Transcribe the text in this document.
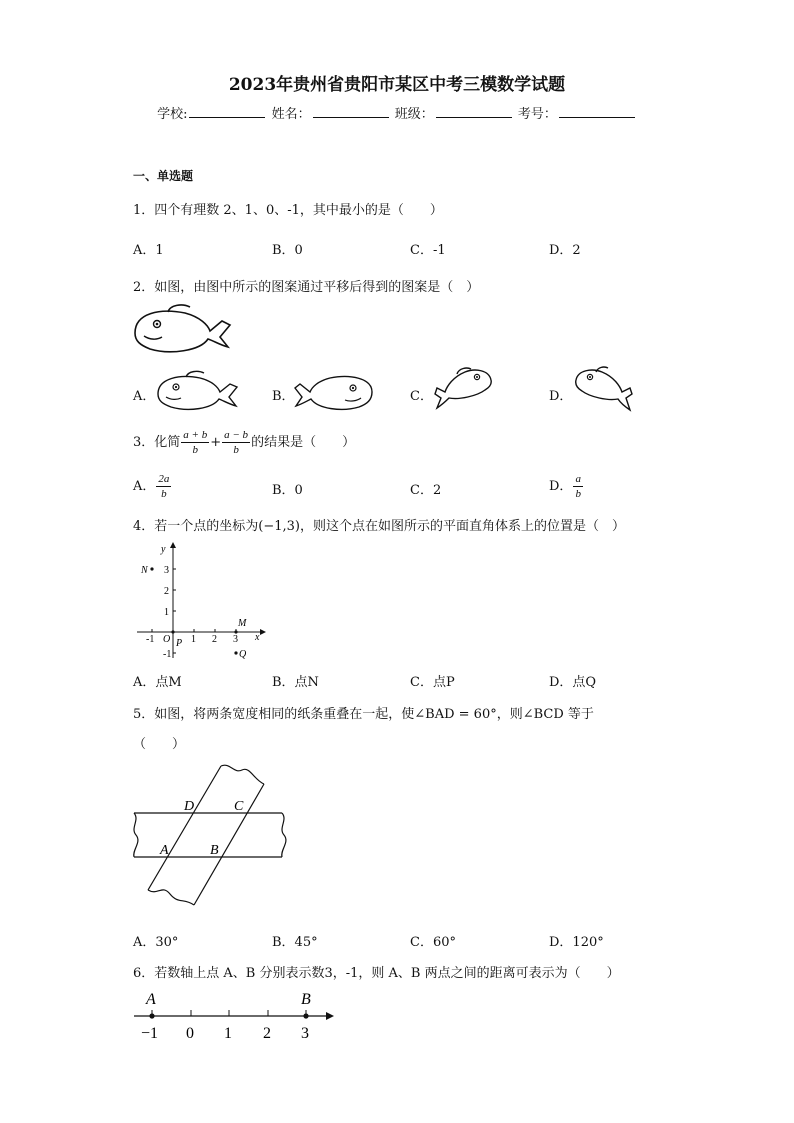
2023年贵州省贵阳市某区中考三模数学试题
学校:	姓名：	班级：	考号：
一、单选题
1．四个有理数 2、1、0、-1，其中最小的是（　　）
A．1	B．0	C．-1	D．2
2．如图，由图中所示的图案通过平移后得到的图案是（　）
A．	B．	C．	D．
3．化简 $\frac{a + b}{b} + \frac{a - b}{b}$ 的结果是（　　）
A． $\frac{2a}{b}$	B．0	C．2	D． $\frac{a}{b}$
4．若一个点的坐标为(−1,3)，则这个点在如图所示的平面直角体系上的位置是（　）
x
y
O
-1	1 2 3
3
2
1
-1
N
M
P
Q
A．点M	B．点N	C．点P	D．点Q
5．如图，将两条宽度相同的纸条重叠在一起，使∠BAD = 60°，则∠BCD 等于
（　　）
D	C
A	B
A．30°	B．45°	C．60°	D．120°
6．若数轴上点 A、B 分别表示数3，-1，则 A、B 两点之间的距离可表示为（　　）
A	B
−1 0 1 2 3
